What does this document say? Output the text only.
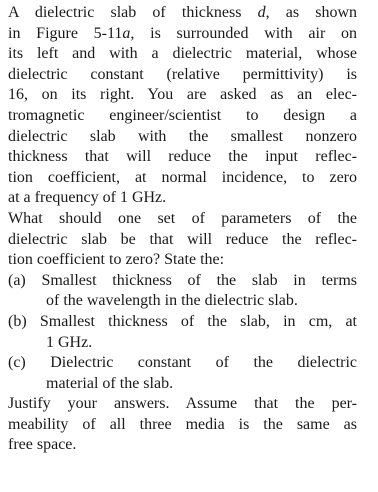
A dielectric slab of thickness d, as shown
in Figure 5-11a, is surrounded with air on
its left and with a dielectric material, whose
dielectric constant (relative permittivity) is
16, on its right. You are asked as an elec-
tromagnetic engineer/scientist to design a
dielectric slab with the smallest nonzero
thickness that will reduce the input reflec-
tion coefficient, at normal incidence, to zero
at a frequency of 1 GHz.
What should one set of parameters of the
dielectric slab be that will reduce the reflec-
tion coefficient to zero? State the:
(a) Smallest thickness of the slab in terms
of the wavelength in the dielectric slab.
(b) Smallest thickness of the slab, in cm, at
1 GHz.
(c) Dielectric constant of the dielectric
material of the slab.
Justify your answers. Assume that the per-
meability of all three media is the same as
free space.
